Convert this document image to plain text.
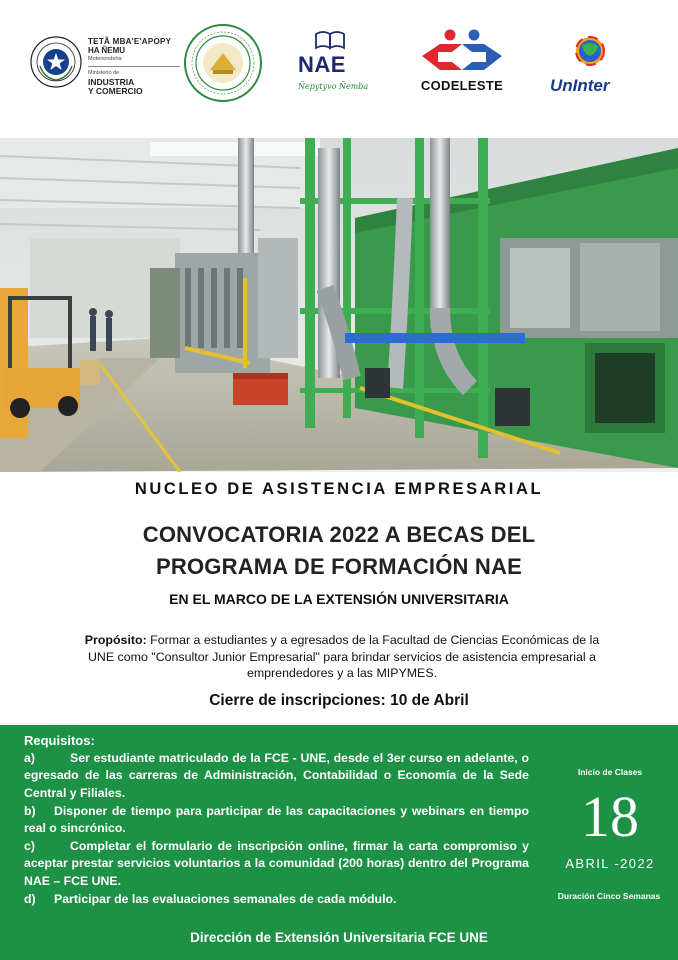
TETÃ MBA'E'APOPY
HA ÑEMU
Motenondeha
Ministerio de
INDUSTRIA
Y COMERCIO
NAE
Ñepytyvo Ñemba	CODELESTE	UnInter
NUCLEO DE ASISTENCIA EMPRESARIAL
CONVOCATORIA 2022 A BECAS DEL
PROGRAMA DE FORMACIÓN NAE
EN EL MARCO DE LA EXTENSIÓN UNIVERSITARIA

Propósito: Formar a estudiantes y a egresados de la Facultad de Ciencias Económicas de la UNE como "Consultor Junior Empresarial" para brindar servicios de asistencia empresarial a emprendedores y a las MIPYMES.

Cierre de inscripciones: 10 de Abril
Requisitos:
a)	Ser estudiante matriculado de la FCE - UNE, desde el 3er curso en adelante, o egresado de las carreras de Administración, Contabilidad o Economía de la Sede Central y Filiales.
b) Disponer de tiempo para participar de las capacitaciones y webinars en tiempo real o sincrónico.
c)	Completar el formulario de inscripción online, firmar la carta compromiso y aceptar prestar servicios voluntarios a la comunidad (200 horas) dentro del Programa NAE – FCE UNE.
d) Participar de las evaluaciones semanales de cada módulo.
Inicio de Clases
18
ABRIL -2022
Duración Cinco Semanas
Dirección de Extensión Universitaria FCE UNE
